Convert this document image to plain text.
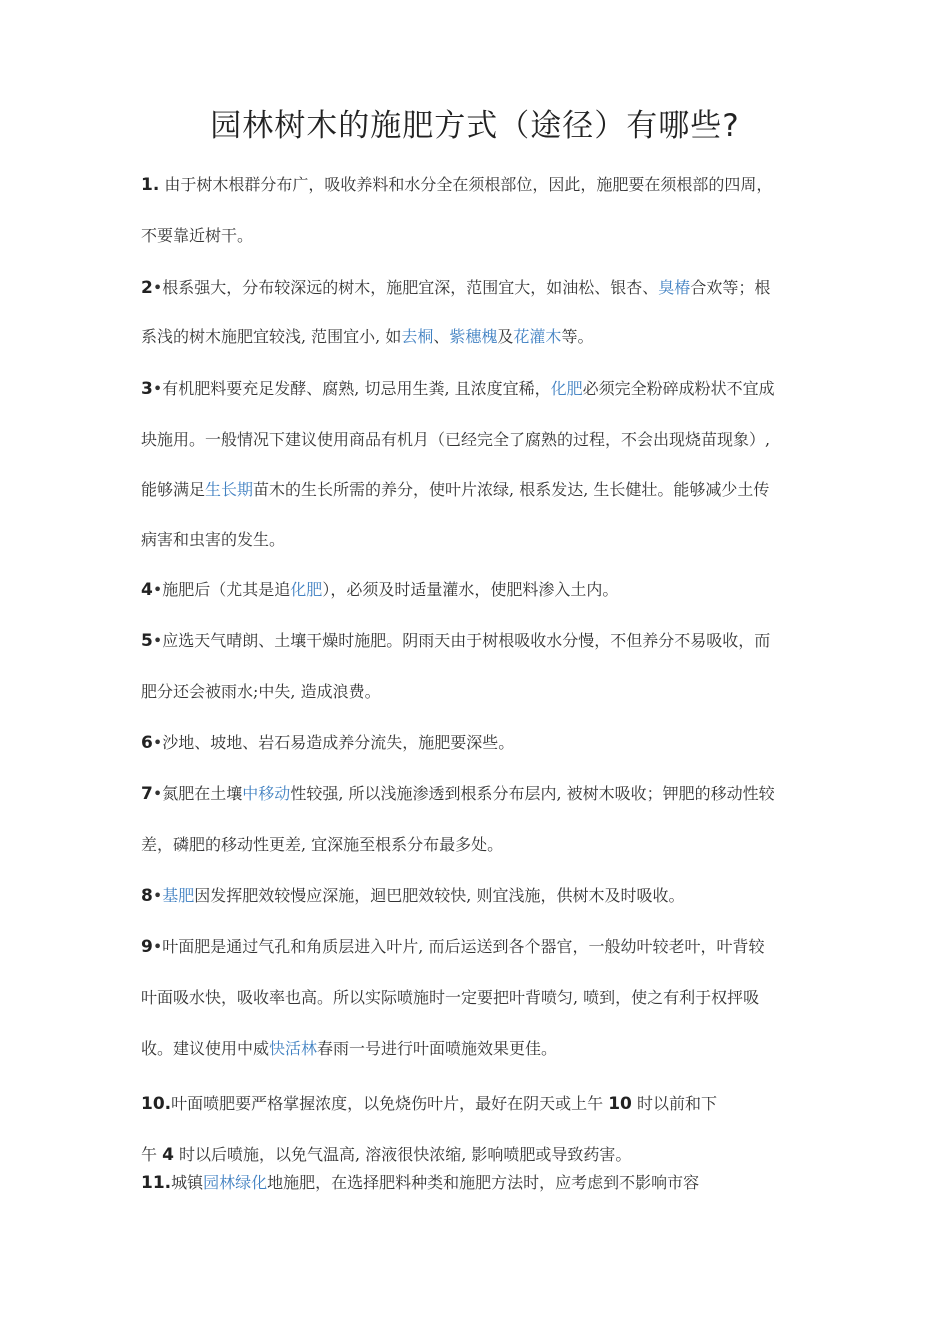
园林树木的施肥方式（途径）有哪些?
1. 由于树木根群分布广，吸收养料和水分全在须根部位，因此，施肥要在须根部的四周，
不要靠近树干。
2•根系强大，分布较深远的树木，施肥宜深，范围宜大，如油松、银杏、臭椿合欢等；根
系浅的树木施肥宜较浅, 范围宜小, 如去桐、紫穗槐及花灌木等。
3•有机肥料要充足发酵、腐熟, 切忌用生粪, 且浓度宜稀，化肥必须完全粉碎成粉状不宜成
块施用。一般情况下建议使用商品有机月（已经完全了腐熟的过程，不会出现烧苗现象）,
能够满足生长期苗木的生长所需的养分，使叶片浓绿, 根系发达, 生长健壮。能够减少土传
病害和虫害的发生。
4•施肥后（尤其是追化肥），必须及时适量灌水，使肥料渗入土内。
5•应选天气晴朗、土壤干燥时施肥。阴雨天由于树根吸收水分慢，不但养分不易吸收，而
肥分还会被雨水;中失, 造成浪费。
6•沙地、坡地、岩石易造成养分流失，施肥要深些。
7•氮肥在土壤中移动性较强, 所以浅施渗透到根系分布层内, 被树木吸收；钾肥的移动性较
差，磷肥的移动性更差, 宜深施至根系分布最多处。
8•基肥因发挥肥效较慢应深施，迴巴肥效较快, 则宜浅施，供树木及时吸收。
9•叶面肥是通过气孔和角质层进入叶片, 而后运送到各个器官，一般幼叶较老叶，叶背较
叶面吸水快，吸收率也高。所以实际喷施时一定要把叶背喷匀, 喷到，使之有利于权抨吸
收。建议使用中威快活林春雨一号进行叶面喷施效果更佳。
10.叶面喷肥要严格掌握浓度，以免烧伤叶片，最好在阴天或上午 10 时以前和下
午 4 时以后喷施，以免气温高, 溶液很快浓缩, 影响喷肥或导致药害。
11.城镇园林绿化地施肥，在选择肥料种类和施肥方法时，应考虑到不影响市容
